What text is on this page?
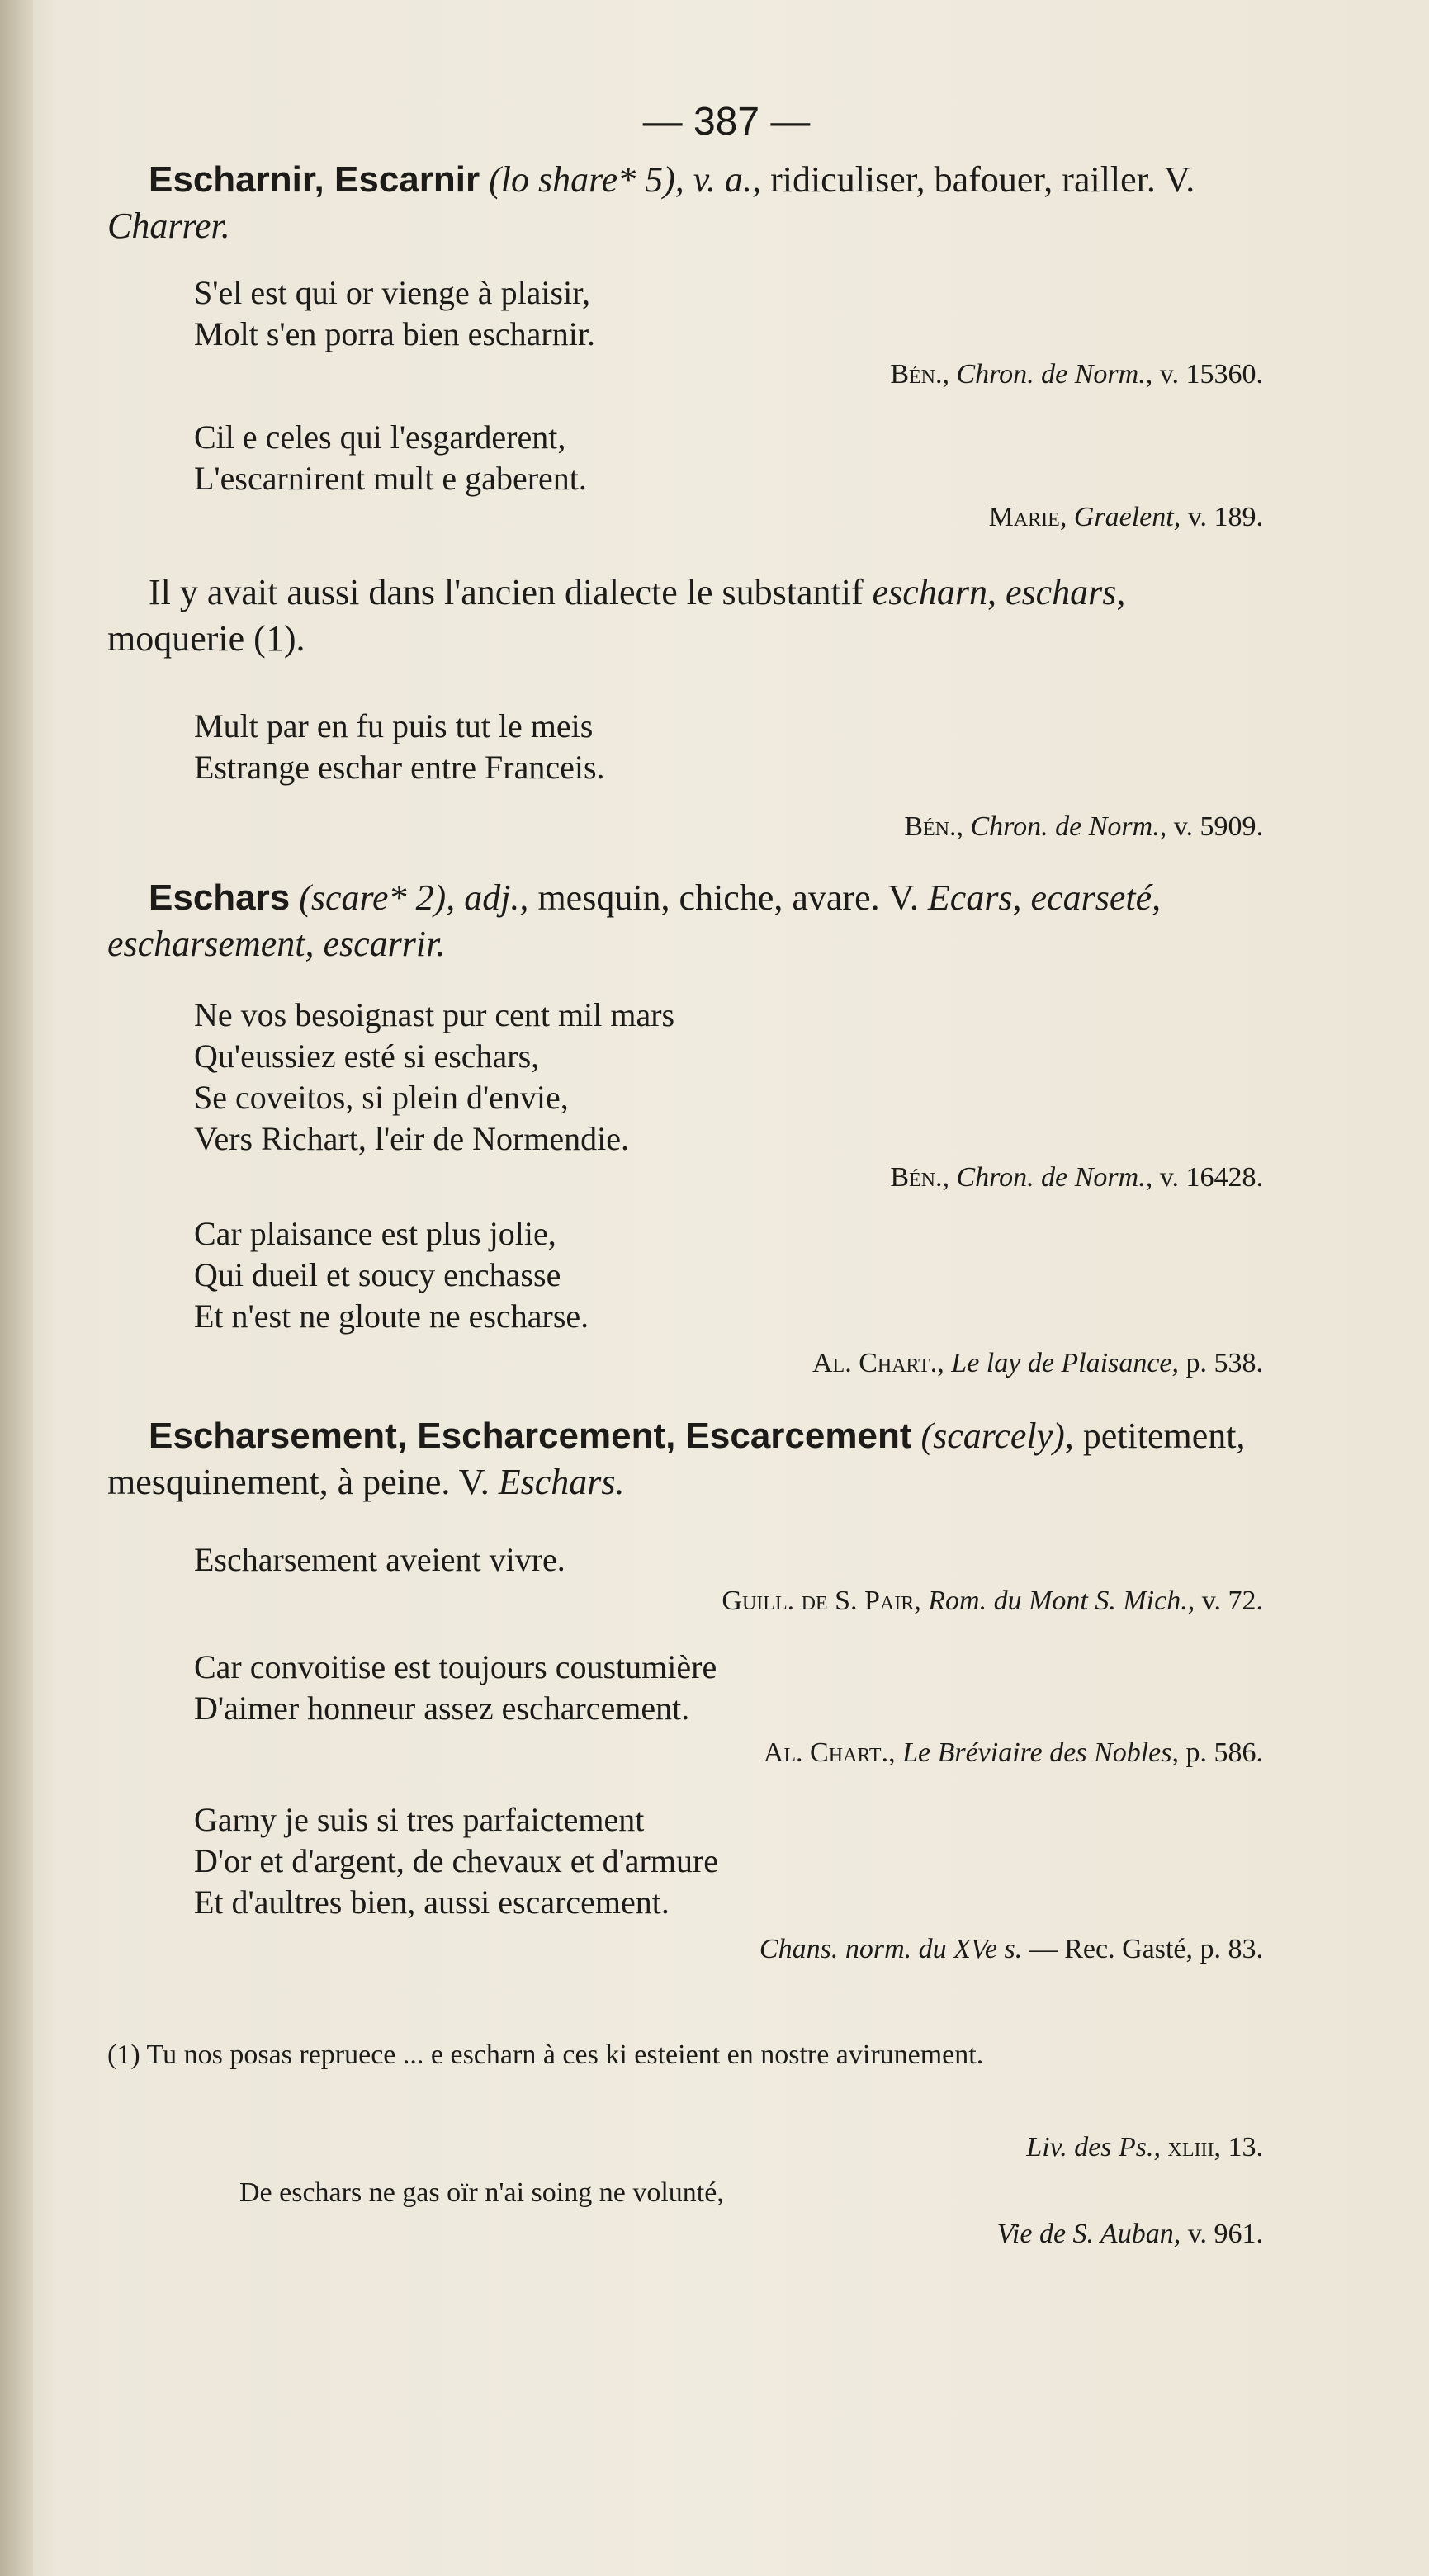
— 387 —

Escharnir, Escarnir (lo share* 5), v. a., ridiculiser, bafouer, railler. V. Charrer.

S'el est qui or vienge à plaisir,
Molt s'en porra bien escharnir.
Bén., Chron. de Norm., v. 15360.
Cil e celes qui l'esgarderent,
L'escarnirent mult e gaberent.
Marie, Graelent, v. 189.

Il y avait aussi dans l'ancien dialecte le substantif escharn, eschars, moquerie (1).

Mult par en fu puis tut le meis
Estrange eschar entre Franceis.
Bén., Chron. de Norm., v. 5909.

Eschars (scare* 2), adj., mesquin, chiche, avare. V. Ecars, ecarseté, escharsement, escarrir.

Ne vos besoignast pur cent mil mars
Qu'eussiez esté si eschars,
Se coveitos, si plein d'envie,
Vers Richart, l'eir de Normendie.
Bén., Chron. de Norm., v. 16428.
Car plaisance est plus jolie,
Qui dueil et soucy enchasse
Et n'est ne gloute ne escharse.
Al. Chart., Le lay de Plaisance, p. 538.

Escharsement, Escharcement, Escarcement (scarcely), petitement, mesquinement, à peine. V. Eschars.

Escharsement aveient vivre.
Guill. de S. Pair, Rom. du Mont S. Mich., v. 72.
Car convoitise est toujours coustumière
D'aimer honneur assez escharcement.
Al. Chart., Le Bréviaire des Nobles, p. 586.
Garny je suis si tres parfaictement
D'or et d'argent, de chevaux et d'armure
Et d'aultres bien, aussi escarcement.
Chans. norm. du XVe s. — Rec. Gasté, p. 83.

(1) Tu nos posas repruece ... e escharn à ces ki esteient en nostre avirunement.

Liv. des Ps., xliii, 13.
De eschars ne gas oïr n'ai soing ne volunté,
Vie de S. Auban, v. 961.
